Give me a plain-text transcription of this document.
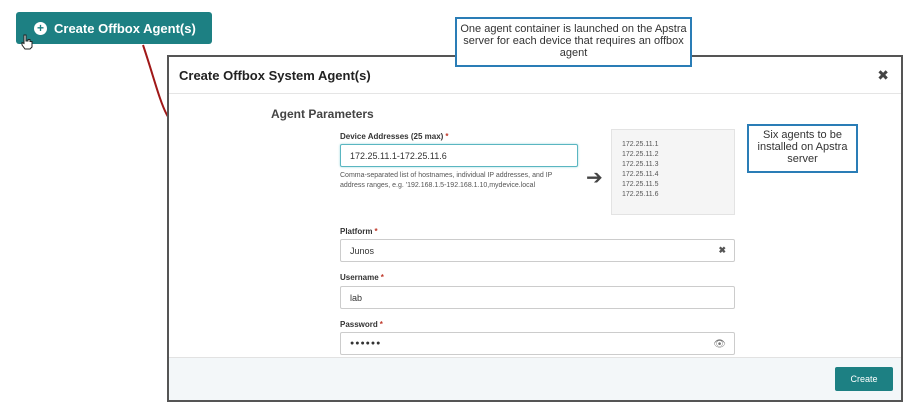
+ Create Offbox Agent(s)
Create Offbox System Agent(s)	✖
Agent Parameters
Device Addresses (25 max) *
172.25.11.1-172.25.11.6
Comma-separated list of hostnames, individual IP addresses, and IP address ranges, e.g. '192.168.1.5-192.168.1.10,mydevice.local	➔
172.25.11.1
172.25.11.2
172.25.11.3
172.25.11.4
172.25.11.5
172.25.11.6
Platform *
Junos	✖
Username *
lab
Password *
●●●●●●	👁
Create
One agent container is launched on the Apstra server for each device that requires an offbox agent
Six agents to be installed on Apstra server
